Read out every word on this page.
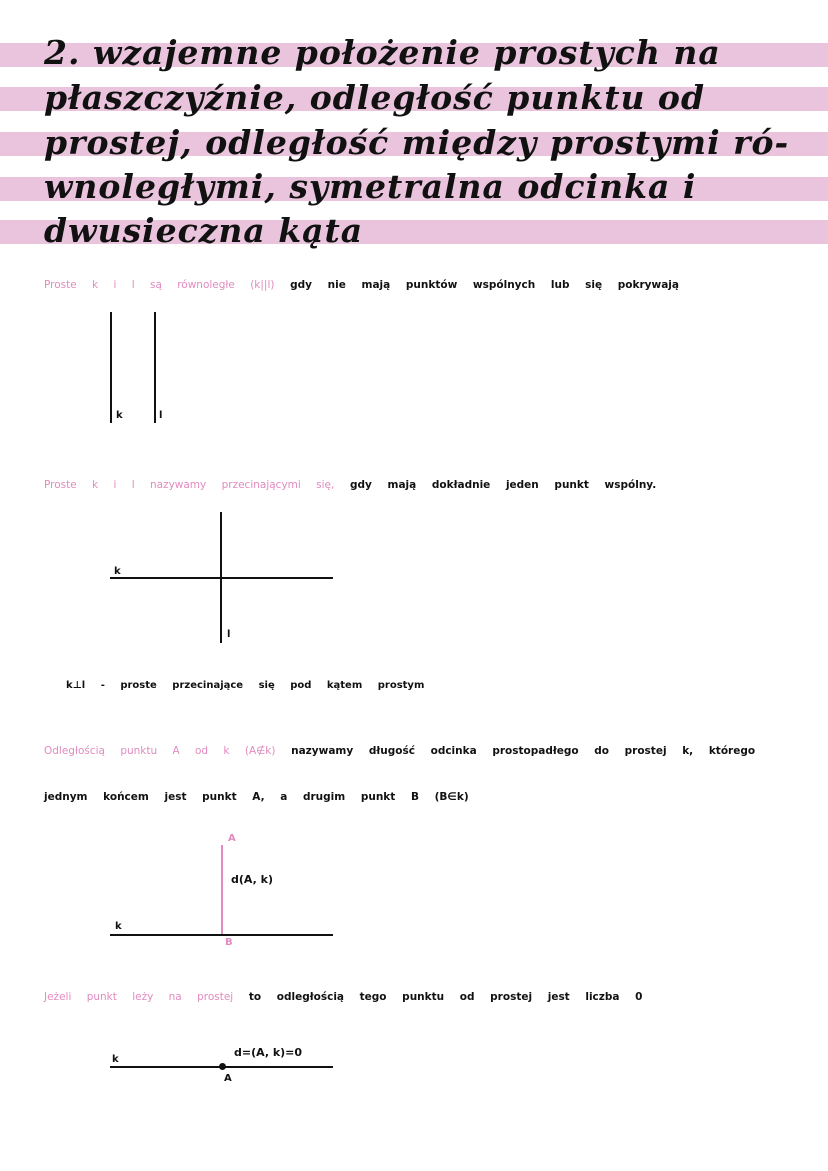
2. wzajemne położenie prostych na
płaszczyźnie, odległość punktu od
prostej, odległość między prostymi ró-
wnoległymi, symetralna odcinka i
dwusieczna kąta
Proste k i l są równoległe (k||l) gdy nie mają punktów wspólnych lub się pokrywają
k	l
Proste k i l nazywamy przecinającymi się, gdy mają dokładnie jeden punkt wspólny.
k
l
k⊥l - proste przecinające się pod kątem prostym
Odległością punktu A od k (A∉k) nazywamy długość odcinka prostopadłego do prostej k, którego
jednym końcem jest punkt A, a drugim punkt B (B∈k)
A
B
k
d(A, k)
Jeżeli punkt leży na prostej to odległością tego punktu od prostej jest liczba 0
k
A
d=(A, k)=0
